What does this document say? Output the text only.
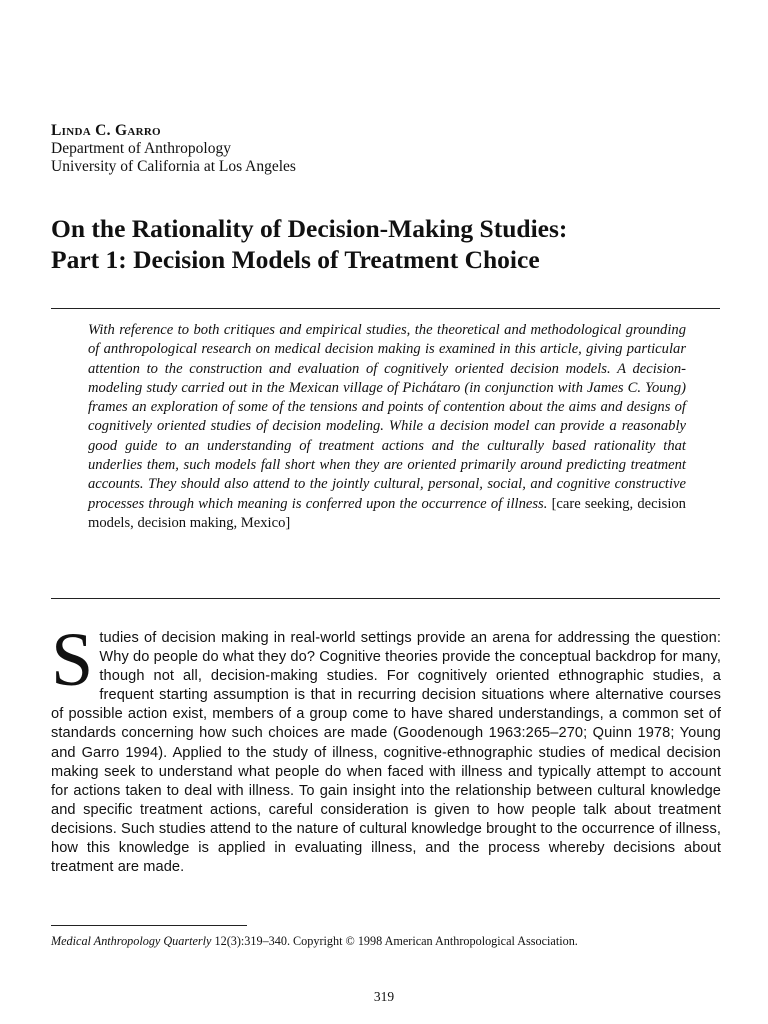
Linda C. Garro
Department of Anthropology
University of California at Los Angeles
On the Rationality of Decision-Making Studies:
Part 1: Decision Models of Treatment Choice
With reference to both critiques and empirical studies, the theoretical and methodological grounding of anthropological research on medical decision making is examined in this article, giving particular attention to the construction and evaluation of cognitively oriented decision models. A decision-modeling study carried out in the Mexican village of Pichátaro (in conjunction with James C. Young) frames an exploration of some of the tensions and points of contention about the aims and designs of cognitively oriented studies of decision modeling. While a decision model can provide a reasonably good guide to an understanding of treatment actions and the culturally based rationality that underlies them, such models fall short when they are oriented primarily around predicting treatment accounts. They should also attend to the jointly cultural, personal, social, and cognitive constructive processes through which meaning is conferred upon the occurrence of illness. [care seeking, decision models, decision making, Mexico]
Studies of decision making in real-world settings provide an arena for addressing the question: Why do people do what they do? Cognitive theories provide the conceptual backdrop for many, though not all, decision-making studies. For cognitively oriented ethnographic studies, a frequent starting assumption is that in recurring decision situations where alternative courses of possible action exist, members of a group come to have shared understandings, a common set of standards concerning how such choices are made (Goodenough 1963:265–270; Quinn 1978; Young and Garro 1994). Applied to the study of illness, cognitive-ethnographic studies of medical decision making seek to understand what people do when faced with illness and typically attempt to account for actions taken to deal with illness. To gain insight into the relationship between cultural knowledge and specific treatment actions, careful consideration is given to how people talk about treatment decisions. Such studies attend to the nature of cultural knowledge brought to the occurrence of illness, how this knowledge is applied in evaluating illness, and the process whereby decisions about treatment are made.
Medical Anthropology Quarterly 12(3):319–340. Copyright © 1998 American Anthropological Association.
319
